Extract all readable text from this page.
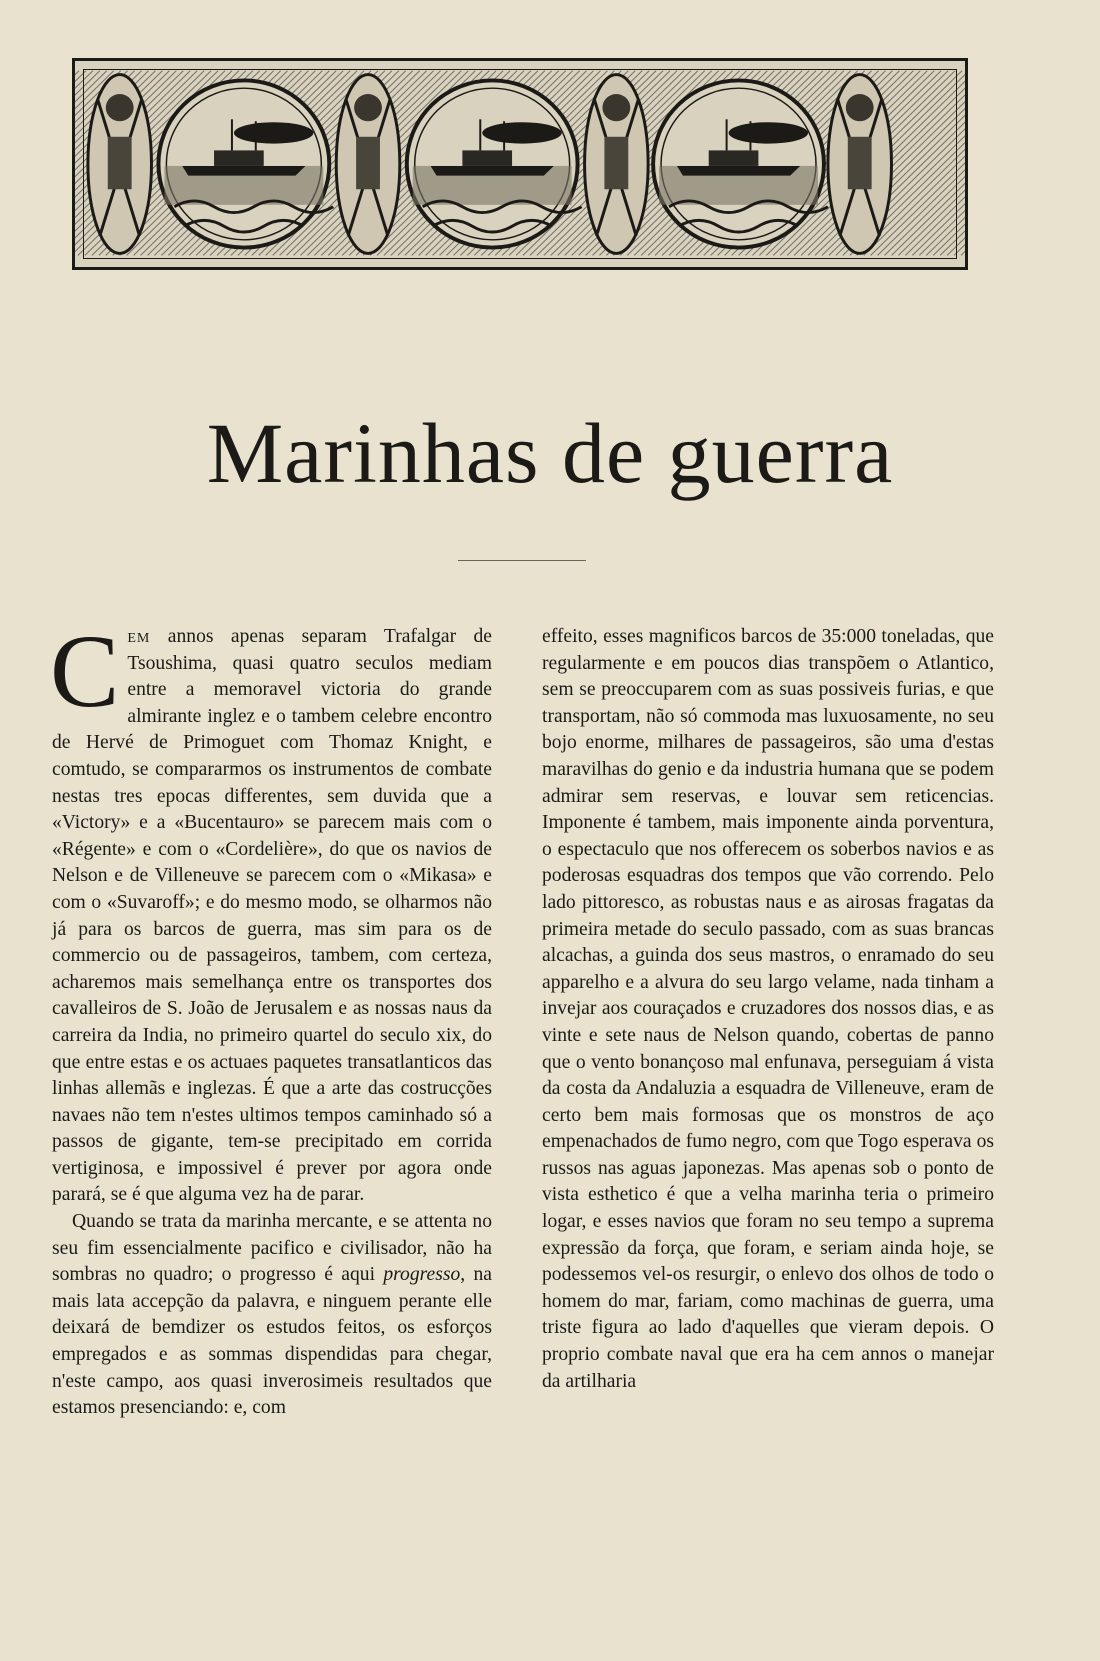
Marinhas de guerra

Cem annos apenas separam Trafalgar de Tsoushima, quasi quatro seculos mediam entre a memoravel victoria do grande almirante inglez e o tambem celebre encontro de Hervé de Primoguet com Thomaz Knight, e comtudo, se compararmos os instrumentos de combate nestas tres epocas differentes, sem duvida que a «Victory» e a «Bucentauro» se parecem mais com o «Régente» e com o «Cordelière», do que os navios de Nelson e de Villeneuve se parecem com o «Mikasa» e com o «Suvaroff»; e do mesmo modo, se olharmos não já para os barcos de guerra, mas sim para os de commercio ou de passageiros, tambem, com certeza, acharemos mais semelhança entre os transportes dos cavalleiros de S. João de Jerusalem e as nossas naus da carreira da India, no primeiro quartel do seculo xix, do que entre estas e os actuaes paquetes transatlanticos das linhas allemãs e inglezas. É que a arte das costrucções navaes não tem n'estes ultimos tempos caminhado só a passos de gigante, tem-se precipitado em corrida vertiginosa, e impossivel é prever por agora onde parará, se é que alguma vez ha de parar.

Quando se trata da marinha mercante, e se attenta no seu fim essencialmente pacifico e civilisador, não ha sombras no quadro; o progresso é aqui progresso, na mais lata accepção da palavra, e ninguem perante elle deixará de bemdizer os estudos feitos, os esforços empregados e as sommas dispendidas para chegar, n'este campo, aos quasi inverosimeis resultados que estamos presenciando: e, com

effeito, esses magnificos barcos de 35:000 toneladas, que regularmente e em poucos dias transpõem o Atlantico, sem se preoccuparem com as suas possiveis furias, e que transportam, não só commoda mas luxuosamente, no seu bojo enorme, milhares de passageiros, são uma d'estas maravilhas do genio e da industria humana que se podem admirar sem reservas, e louvar sem reticencias. Imponente é tambem, mais imponente ainda porventura, o espectaculo que nos offerecem os soberbos navios e as poderosas esquadras dos tempos que vão correndo. Pelo lado pittoresco, as robustas naus e as airosas fragatas da primeira metade do seculo passado, com as suas brancas alcachas, a guinda dos seus mastros, o enramado do seu apparelho e a alvura do seu largo velame, nada tinham a invejar aos couraçados e cruzadores dos nossos dias, e as vinte e sete naus de Nelson quando, cobertas de panno que o vento bonançoso mal enfunava, perseguiam á vista da costa da Andaluzia a esquadra de Villeneuve, eram de certo bem mais formosas que os monstros de aço empenachados de fumo negro, com que Togo esperava os russos nas aguas japonezas. Mas apenas sob o ponto de vista esthetico é que a velha marinha teria o primeiro logar, e esses navios que foram no seu tempo a suprema expressão da força, que foram, e seriam ainda hoje, se podessemos vel-os resurgir, o enlevo dos olhos de todo o homem do mar, fariam, como machinas de guerra, uma triste figura ao lado d'aquelles que vieram depois. O proprio combate naval que era ha cem annos o manejar da artilharia
